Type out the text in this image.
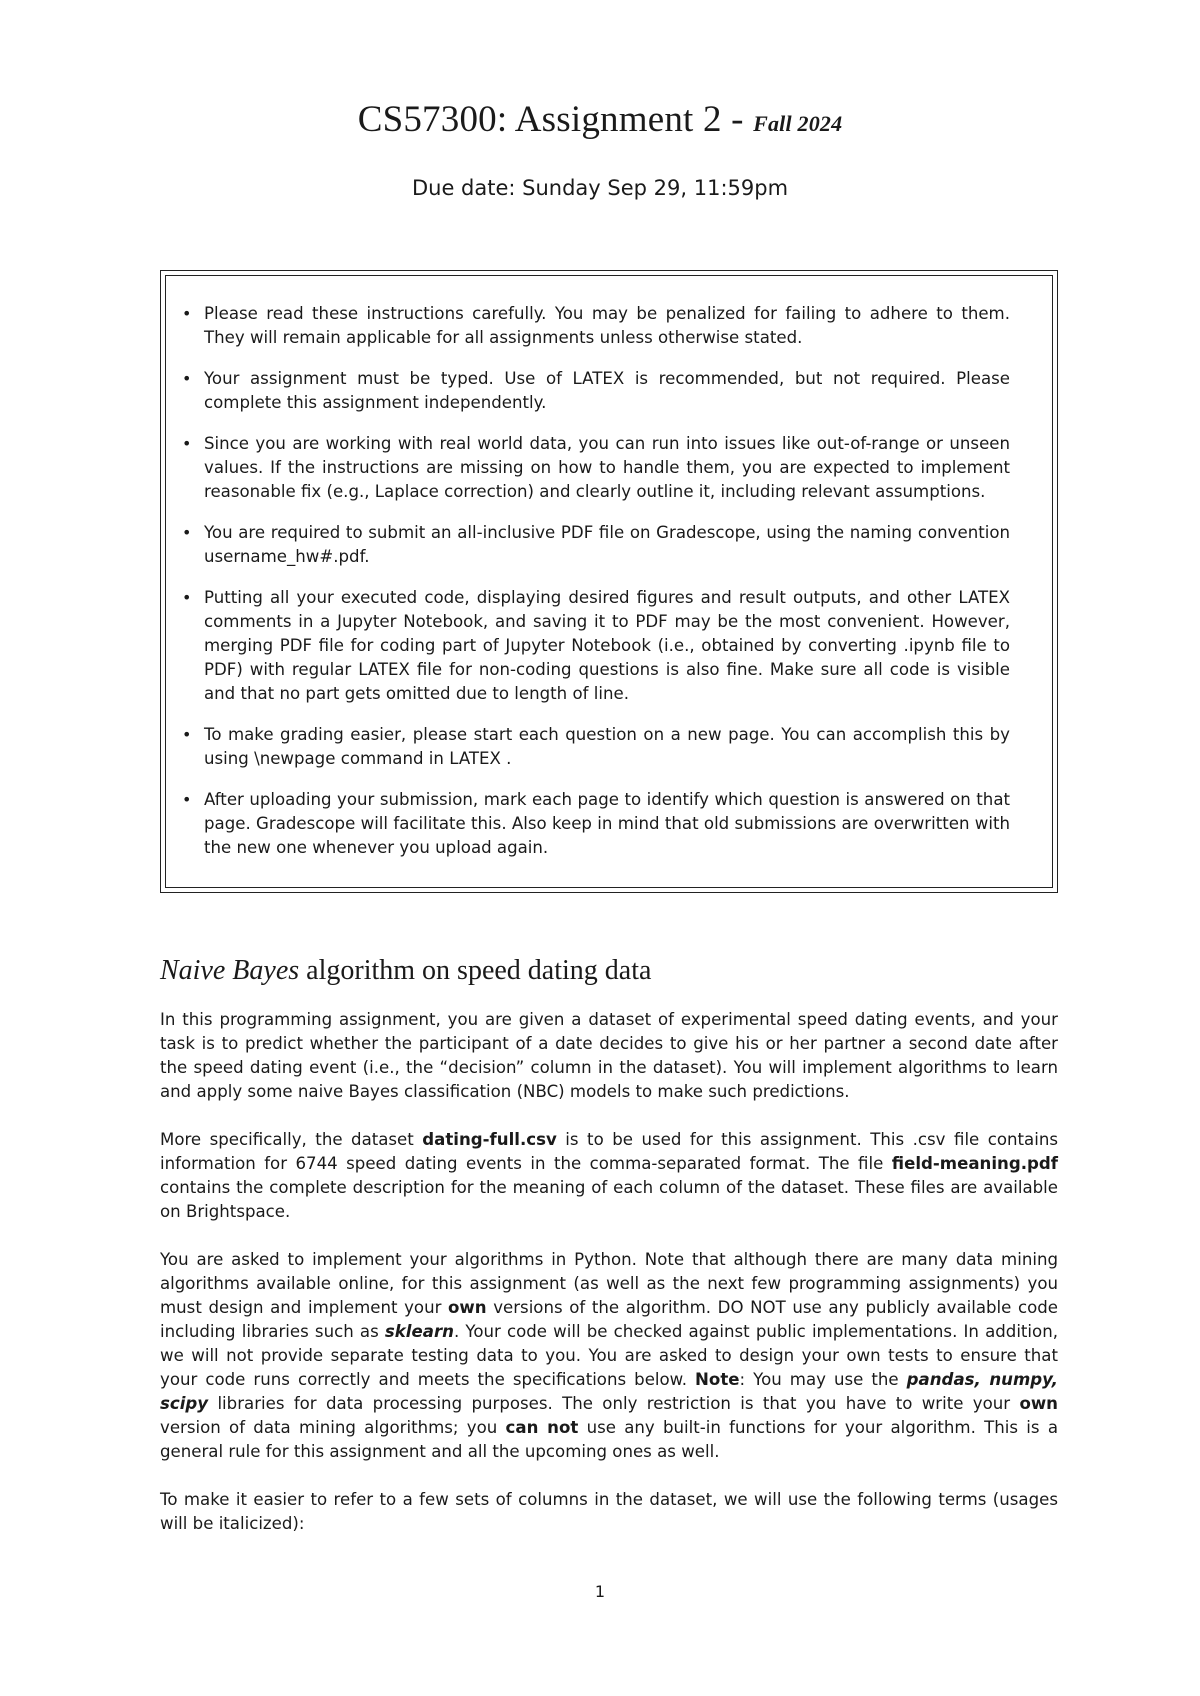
CS57300: Assignment 2 - Fall 2024
Due date: Sunday Sep 29, 11:59pm
• Please read these instructions carefully. You may be penalized for failing to adhere to them. They will remain applicable for all assignments unless otherwise stated.
• Your assignment must be typed. Use of LATEX is recommended, but not required. Please complete this assignment independently.
• Since you are working with real world data, you can run into issues like out-of-range or unseen values. If the instructions are missing on how to handle them, you are expected to implement reasonable fix (e.g., Laplace correction) and clearly outline it, including relevant assumptions.
• You are required to submit an all-inclusive PDF file on Gradescope, using the naming convention username_hw#.pdf.
• Putting all your executed code, displaying desired figures and result outputs, and other LATEX comments in a Jupyter Notebook, and saving it to PDF may be the most convenient. However, merging PDF file for coding part of Jupyter Notebook (i.e., obtained by converting .ipynb file to PDF) with regular LATEX file for non-coding questions is also fine. Make sure all code is visible and that no part gets omitted due to length of line.
• To make grading easier, please start each question on a new page. You can accomplish this by using \newpage command in LATEX .
• After uploading your submission, mark each page to identify which question is answered on that page. Gradescope will facilitate this. Also keep in mind that old submissions are overwritten with the new one whenever you upload again.
Naive Bayes algorithm on speed dating data

In this programming assignment, you are given a dataset of experimental speed dating events, and your task is to predict whether the participant of a date decides to give his or her partner a second date after the speed dating event (i.e., the “decision” column in the dataset). You will implement algorithms to learn and apply some naive Bayes classification (NBC) models to make such predictions.

More specifically, the dataset dating-full.csv is to be used for this assignment. This .csv file contains information for 6744 speed dating events in the comma-separated format. The file field-meaning.pdf contains the complete description for the meaning of each column of the dataset. These files are available on Brightspace.

You are asked to implement your algorithms in Python. Note that although there are many data mining algorithms available online, for this assignment (as well as the next few programming assignments) you must design and implement your own versions of the algorithm. DO NOT use any publicly available code including libraries such as sklearn. Your code will be checked against public implementations. In addition, we will not provide separate testing data to you. You are asked to design your own tests to ensure that your code runs correctly and meets the specifications below. Note: You may use the pandas, numpy, scipy libraries for data processing purposes. The only restriction is that you have to write your own version of data mining algorithms; you can not use any built-in functions for your algorithm. This is a general rule for this assignment and all the upcoming ones as well.

To make it easier to refer to a few sets of columns in the dataset, we will use the following terms (usages will be italicized):

1
